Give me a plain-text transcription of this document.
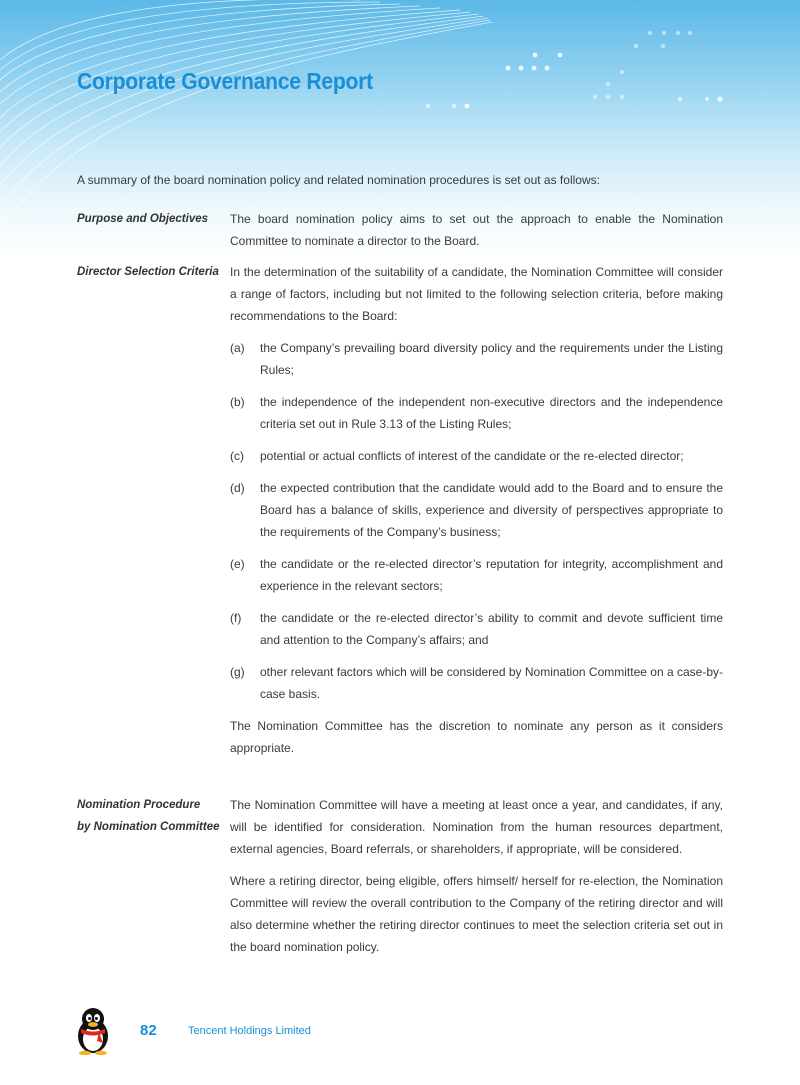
Corporate Governance Report
A summary of the board nomination policy and related nomination procedures is set out as follows:
Purpose and Objectives	The board nomination policy aims to set out the approach to enable the Nomination Committee to nominate a director to the Board.

Director Selection Criteria In the determination of the suitability of a candidate, the Nomination Committee will consider a range of factors, including but not limited to the following selection criteria, before making recommendations to the Board:

(a) the Company’s prevailing board diversity policy and the requirements under the Listing Rules;
(b) the independence of the independent non-executive directors and the independence criteria set out in Rule 3.13 of the Listing Rules;
(c) potential or actual conflicts of interest of the candidate or the re-elected director;
(d) the expected contribution that the candidate would add to the Board and to ensure the Board has a balance of skills, experience and diversity of perspectives appropriate to the requirements of the Company’s business;
(e) the candidate or the re-elected director’s reputation for integrity, accomplishment and experience in the relevant sectors;
(f) the candidate or the re-elected director’s ability to commit and devote sufficient time and attention to the Company’s affairs; and
(g) other relevant factors which will be considered by Nomination Committee on a case-by-case basis.

The Nomination Committee has the discretion to nominate any person as it considers appropriate.

Nomination Procedure
by Nomination Committee

The Nomination Committee will have a meeting at least once a year, and candidates, if any, will be identified for consideration. Nomination from the human resources department, external agencies, Board referrals, or shareholders, if appropriate, will be considered.

Where a retiring director, being eligible, offers himself/ herself for re-election, the Nomination Committee will review the overall contribution to the Company of the retiring director and will also determine whether the retiring director continues to meet the selection criteria set out in the board nomination policy.

82	Tencent Holdings Limited
